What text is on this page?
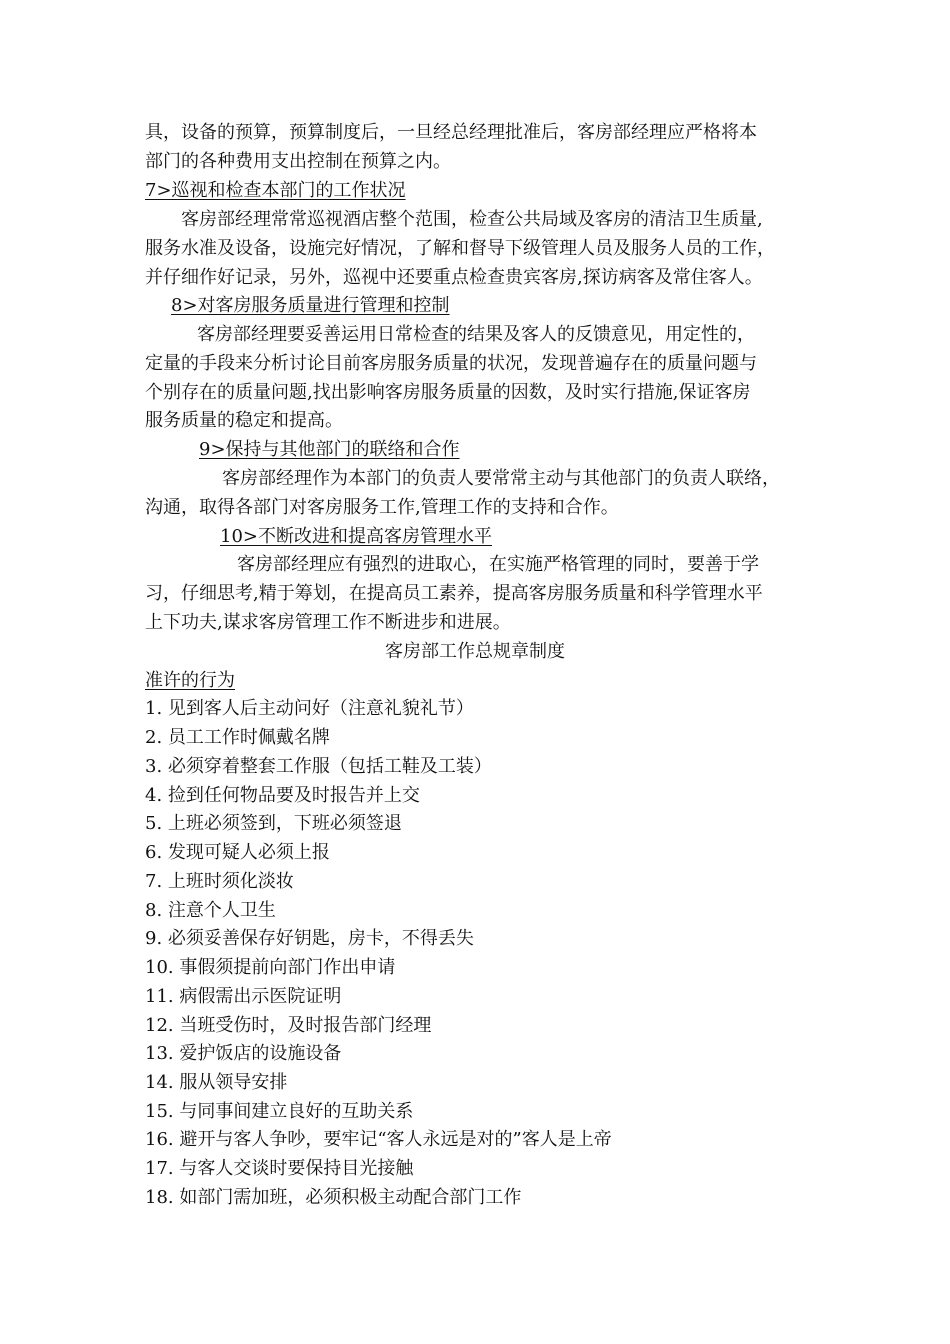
具，设备的预算，预算制度后，一旦经总经理批准后，客房部经理应严格将本
部门的各种费用支出控制在预算之内。
7>巡视和检查本部门的工作状况
客房部经理常常巡视酒店整个范围，检查公共局域及客房的清洁卫生质量,
服务水准及设备，设施完好情况，了解和督导下级管理人员及服务人员的工作，
并仔细作好记录，另外，巡视中还要重点检查贵宾客房,探访病客及常住客人。
8>对客房服务质量进行管理和控制
客房部经理要妥善运用日常检查的结果及客人的反馈意见，用定性的，
定量的手段来分析讨论目前客房服务质量的状况，发现普遍存在的质量问题与
个别存在的质量问题,找出影响客房服务质量的因数，及时实行措施,保证客房
服务质量的稳定和提高。
9>保持与其他部门的联络和合作
客房部经理作为本部门的负责人要常常主动与其他部门的负责人联络，
沟通，取得各部门对客房服务工作,管理工作的支持和合作。
10>不断改进和提高客房管理水平
客房部经理应有强烈的进取心，在实施严格管理的同时，要善于学
习，仔细思考,精于筹划，在提高员工素养，提高客房服务质量和科学管理水平
上下功夫,谋求客房管理工作不断进步和进展。
客房部工作总规章制度
准许的行为
1. 见到客人后主动问好（注意礼貌礼节）
2. 员工工作时佩戴名牌
3. 必须穿着整套工作服（包括工鞋及工装）
4. 捡到任何物品要及时报告并上交
5. 上班必须签到，下班必须签退
6. 发现可疑人必须上报
7. 上班时须化淡妆
8. 注意个人卫生
9. 必须妥善保存好钥匙，房卡，不得丢失
10. 事假须提前向部门作出申请
11. 病假需出示医院证明
12. 当班受伤时，及时报告部门经理
13. 爱护饭店的设施设备
14. 服从领导安排
15. 与同事间建立良好的互助关系
16. 避开与客人争吵，要牢记“客人永远是对的”客人是上帝
17. 与客人交谈时要保持目光接触
18. 如部门需加班，必须积极主动配合部门工作
